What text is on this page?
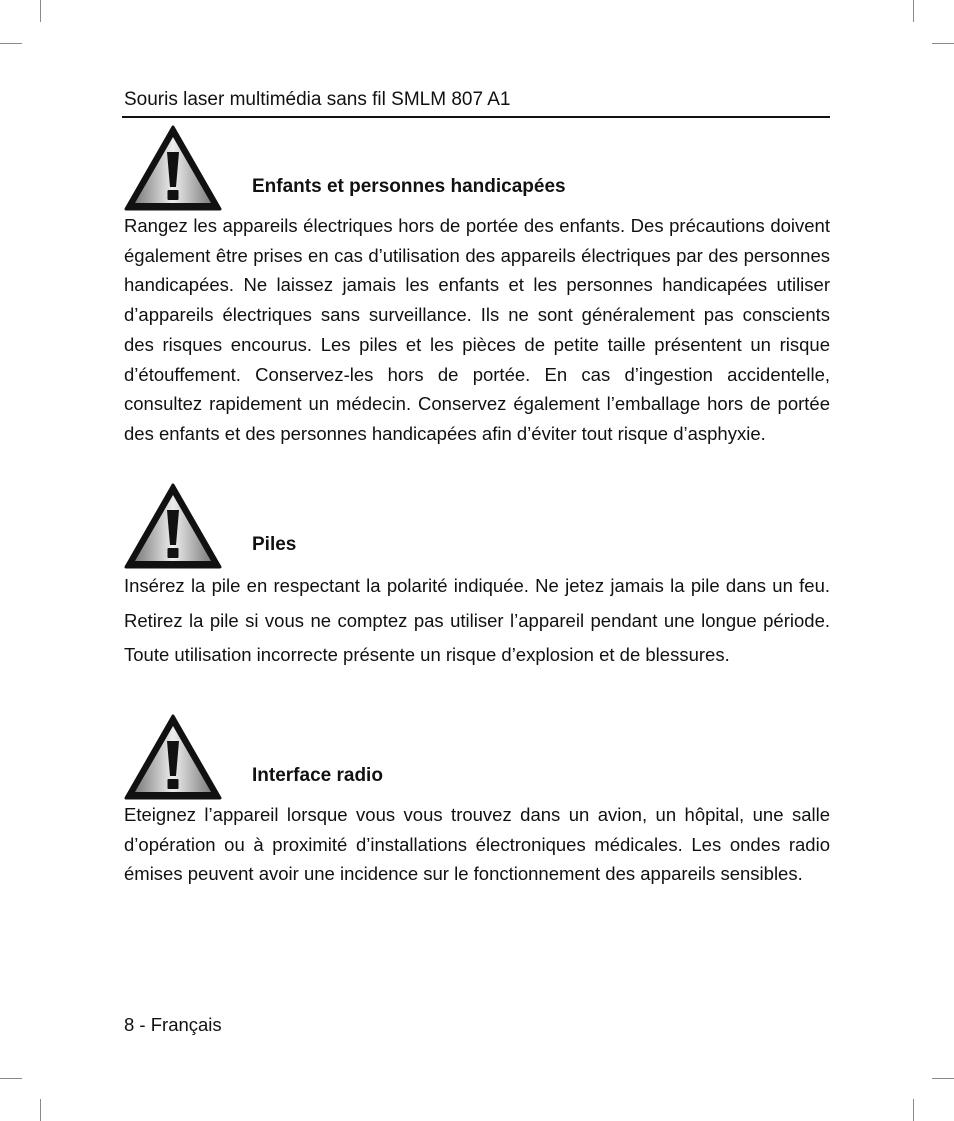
Souris laser multimédia sans fil SMLM 807 A1
Enfants et personnes handicapées

Rangez les appareils électriques hors de portée des enfants. Des précautions doivent également être prises en cas d’utilisation des appareils électriques par des personnes handicapées. Ne laissez jamais les enfants et les personnes handicapées utiliser d’appareils électriques sans surveillance. Ils ne sont généralement pas conscients des risques encourus. Les piles et les pièces de petite taille présentent un risque d’étouffement. Conservez-les hors de portée. En cas d’ingestion accidentelle, consultez rapidement un médecin. Conservez également l’emballage hors de portée des enfants et des personnes handicapées afin d’éviter tout risque d’asphyxie.

Piles

Insérez la pile en respectant la polarité indiquée. Ne jetez jamais la pile dans un feu. Retirez la pile si vous ne comptez pas utiliser l’appareil pendant une longue période. Toute utilisation incorrecte présente un risque d’explosion et de blessures.

Interface radio

Eteignez l’appareil lorsque vous vous trouvez dans un avion, un hôpital, une salle d’opération ou à proximité d’installations électroniques médicales. Les ondes radio émises peuvent avoir une incidence sur le fonctionnement des appareils sensibles.

8 - Français
